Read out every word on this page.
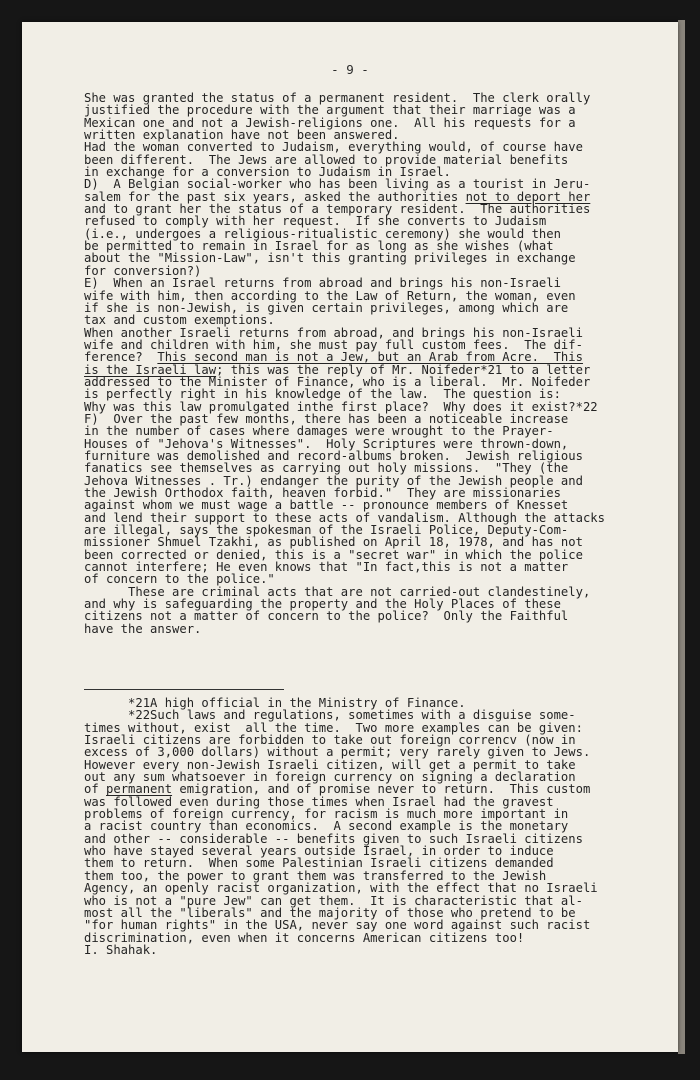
- 9 -
She was granted the status of a permanent resident.  The clerk orally
justified the procedure with the argument that their marriage was a
Mexican one and not a Jewish-religions one.  All his requests for a
written explanation have not been answered.
Had the woman converted to Judaism, everything would, of course have
been different.  The Jews are allowed to provide material benefits
in exchange for a conversion to Judaism in Israel.
D)  A Belgian social-worker who has been living as a tourist in Jeru-
salem for the past six years, asked the authorities not to deport her
and to grant her the status of a temporary resident.  The authorities
refused to comply with her request.  If she converts to Judaism
(i.e., undergoes a religious-ritualistic ceremony) she would then
be permitted to remain in Israel for as long as she wishes (what
about the "Mission-Law", isn't this granting privileges in exchange
for conversion?)
E)  When an Israel returns from abroad and brings his non-Israeli
wife with him, then according to the Law of Return, the woman, even
if she is non-Jewish, is given certain privileges, among which are
tax and custom exemptions.
When another Israeli returns from abroad, and brings his non-Israeli
wife and children with him, she must pay full custom fees.  The dif-
ference?  This second man is not a Jew, but an Arab from Acre.  This
is the Israeli law; this was the reply of Mr. Noifeder*21 to a letter
addressed to the Minister of Finance, who is a liberal.  Mr. Noifeder
is perfectly right in his knowledge of the law.  The question is:
Why was this law promulgated inthe first place?  Why does it exist?*22
F)  Over the past few months, there has been a noticeable increase
in the number of cases where damages were wrought to the Prayer-
Houses of "Jehova's Witnesses".  Holy Scriptures were thrown-down,
furniture was demolished and record-albums broken.  Jewish religious
fanatics see themselves as carrying out holy missions.  "They (the
Jehova Witnesses . Tr.) endanger the purity of the Jewish people and
the Jewish Orthodox faith, heaven forbid."  They are missionaries
against whom we must wage a battle -- pronounce members of Knesset
and lend their support to these acts of vandalism. Although the attacks
are illegal, says the spokesman of the Israeli Police, Deputy-Com-
missioner Shmuel Tzakhi, as published on April 18, 1978, and has not
been corrected or denied, this is a "secret war" in which the police
cannot interfere; He even knows that "In fact,this is not a matter
of concern to the police."
These are criminal acts that are not carried-out clandestinely,
and why is safeguarding the property and the Holy Places of these
citizens not a matter of concern to the police?  Only the Faithful
have the answer.
*21A high official in the Ministry of Finance.
*22Such laws and regulations, sometimes with a disguise some-
times without, exist  all the time.  Two more examples can be given:
Israeli citizens are forbidden to take out foreign correncv (now in
excess of 3,000 dollars) without a permit; very rarely given to Jews.
However every non-Jewish Israeli citizen, will get a permit to take
out any sum whatsoever in foreign currency on signing a declaration
of permanent emigration, and of promise never to return.  This custom
was followed even during those times when Israel had the gravest
problems of foreign currency, for racism is much more important in
a racist country than economics.  A second example is the monetary
and other -- considerable -- benefits given to such Israeli citizens
who have stayed several years outside Israel, in order to induce
them to return.  When some Palestinian Israeli citizens demanded
them too, the power to grant them was transferred to the Jewish
Agency, an openly racist organization, with the effect that no Israeli
who is not a "pure Jew" can get them.  It is characteristic that al-
most all the "liberals" and the majority of those who pretend to be
"for human rights" in the USA, never say one word against such racist
discrimination, even when it concerns American citizens too!
I. Shahak.
